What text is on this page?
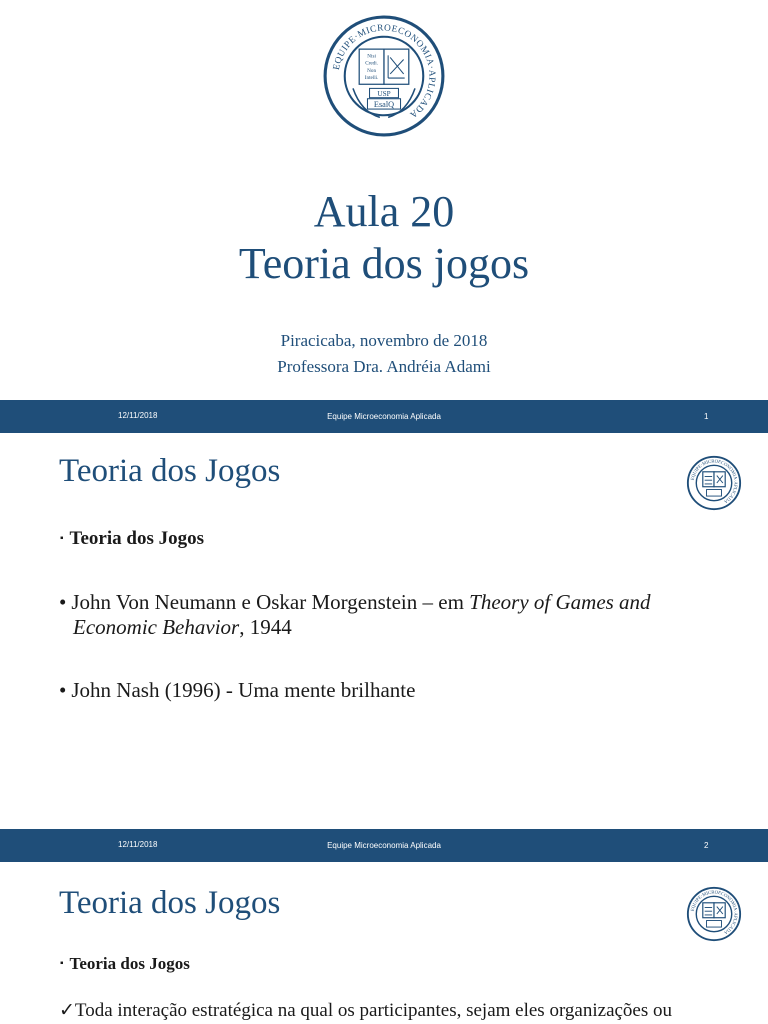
EQUIPE·MICROECONOMIA·APLICADA
Nisi
Credi.
Non
Intelli.
USP
EsalQ
Aula 20
Teoria dos jogos
Piracicaba, novembro de 2018
Professora Dra. Andréia Adami
12/11/2018	Equipe Microeconomia Aplicada	1
Teoria dos Jogos	EQUIPE·MICROECONOMIA·APLICADA
▪ Teoria dos Jogos
• John Von Neumann e Oskar Morgenstein – em Theory of Games and
Economic Behavior, 1944
• John Nash (1996) - Uma mente brilhante
12/11/2018	Equipe Microeconomia Aplicada	2
Teoria dos Jogos	EQUIPE·MICROECONOMIA·APLICADA
▪ Teoria dos Jogos
✓Toda interação estratégica na qual os participantes, sejam eles organizações ou
